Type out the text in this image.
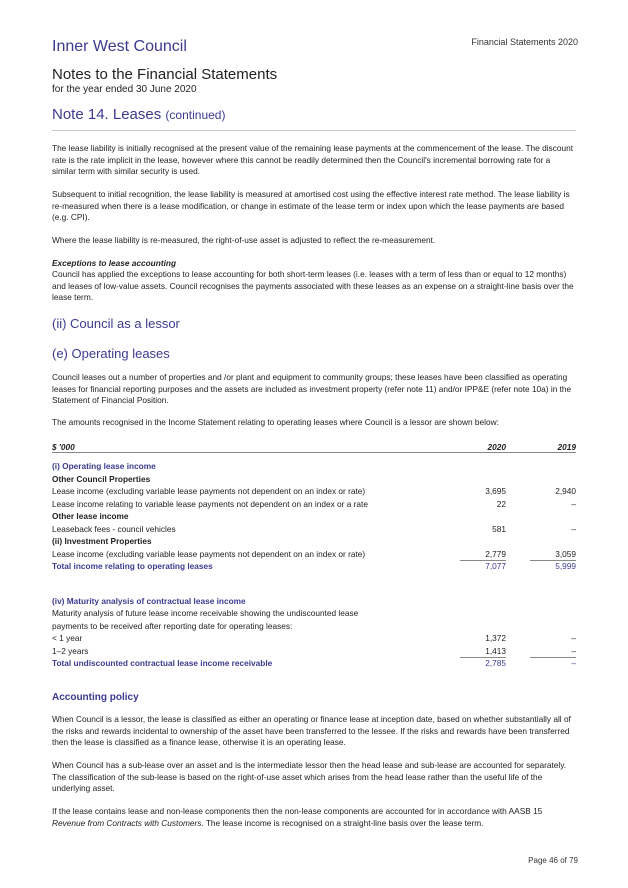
Inner West Council	Financial Statements 2020
Notes to the Financial Statements
for the year ended 30 June 2020
Note 14. Leases (continued)

The lease liability is initially recognised at the present value of the remaining lease payments at the commencement of the lease. The discount rate is the rate implicit in the lease, however where this cannot be readily determined then the Council's incremental borrowing rate for a similar term with similar security is used.

Subsequent to initial recognition, the lease liability is measured at amortised cost using the effective interest rate method. The lease liability is re-measured when there is a lease modification, or change in estimate of the lease term or index upon which the lease payments are based (e.g. CPI).

Where the lease liability is re-measured, the right-of-use asset is adjusted to reflect the re-measurement.

Exceptions to lease accounting

Council has applied the exceptions to lease accounting for both short-term leases (i.e. leases with a term of less than or equal to 12 months) and leases of low-value assets. Council recognises the payments associated with these leases as an expense on a straight-line basis over the lease term.

(ii) Council as a lessor
(e) Operating leases

Council leases out a number of properties and /or plant and equipment to community groups; these leases have been classified as operating leases for financial reporting purposes and the assets are included as investment property (refer note 11) and/or IPP&E (refer note 10a) in the Statement of Financial Position.

The amounts recognised in the Income Statement relating to operating leases where Council is a lessor are shown below:

$ '000	2020	2019

(i) Operating lease income		
Other Council Properties		
Lease income (excluding variable lease payments not dependent on an index or rate)	3,695	2,940
Lease income relating to variable lease payments not dependent on an index or a rate	22	–
Other lease income		
Leaseback fees - council vehicles	581	–
(ii) Investment Properties		
Lease income (excluding variable lease payments not dependent on an index or rate)	2,779	3,059
Total income relating to operating leases	7,077	5,999

(iv) Maturity analysis of contractual lease income		
Maturity analysis of future lease income receivable showing the undiscounted lease		
payments to be received after reporting date for operating leases:		
< 1 year	1,372	–
1–2 years	1,413	–
Total undiscounted contractual lease income receivable	2,785	–
Accounting policy

When Council is a lessor, the lease is classified as either an operating or finance lease at inception date, based on whether substantially all of the risks and rewards incidental to ownership of the asset have been transferred to the lessee. If the risks and rewards have been transferred then the lease is classified as a finance lease, otherwise it is an operating lease.

When Council has a sub-lease over an asset and is the intermediate lessor then the head lease and sub-lease are accounted for separately. The classification of the sub-lease is based on the right-of-use asset which arises from the head lease rather than the useful life of the underlying asset.

If the lease contains lease and non-lease components then the non-lease components are accounted for in accordance with AASB 15 Revenue from Contracts with Customers. The lease income is recognised on a straight-line basis over the lease term.

Page 46 of 79
